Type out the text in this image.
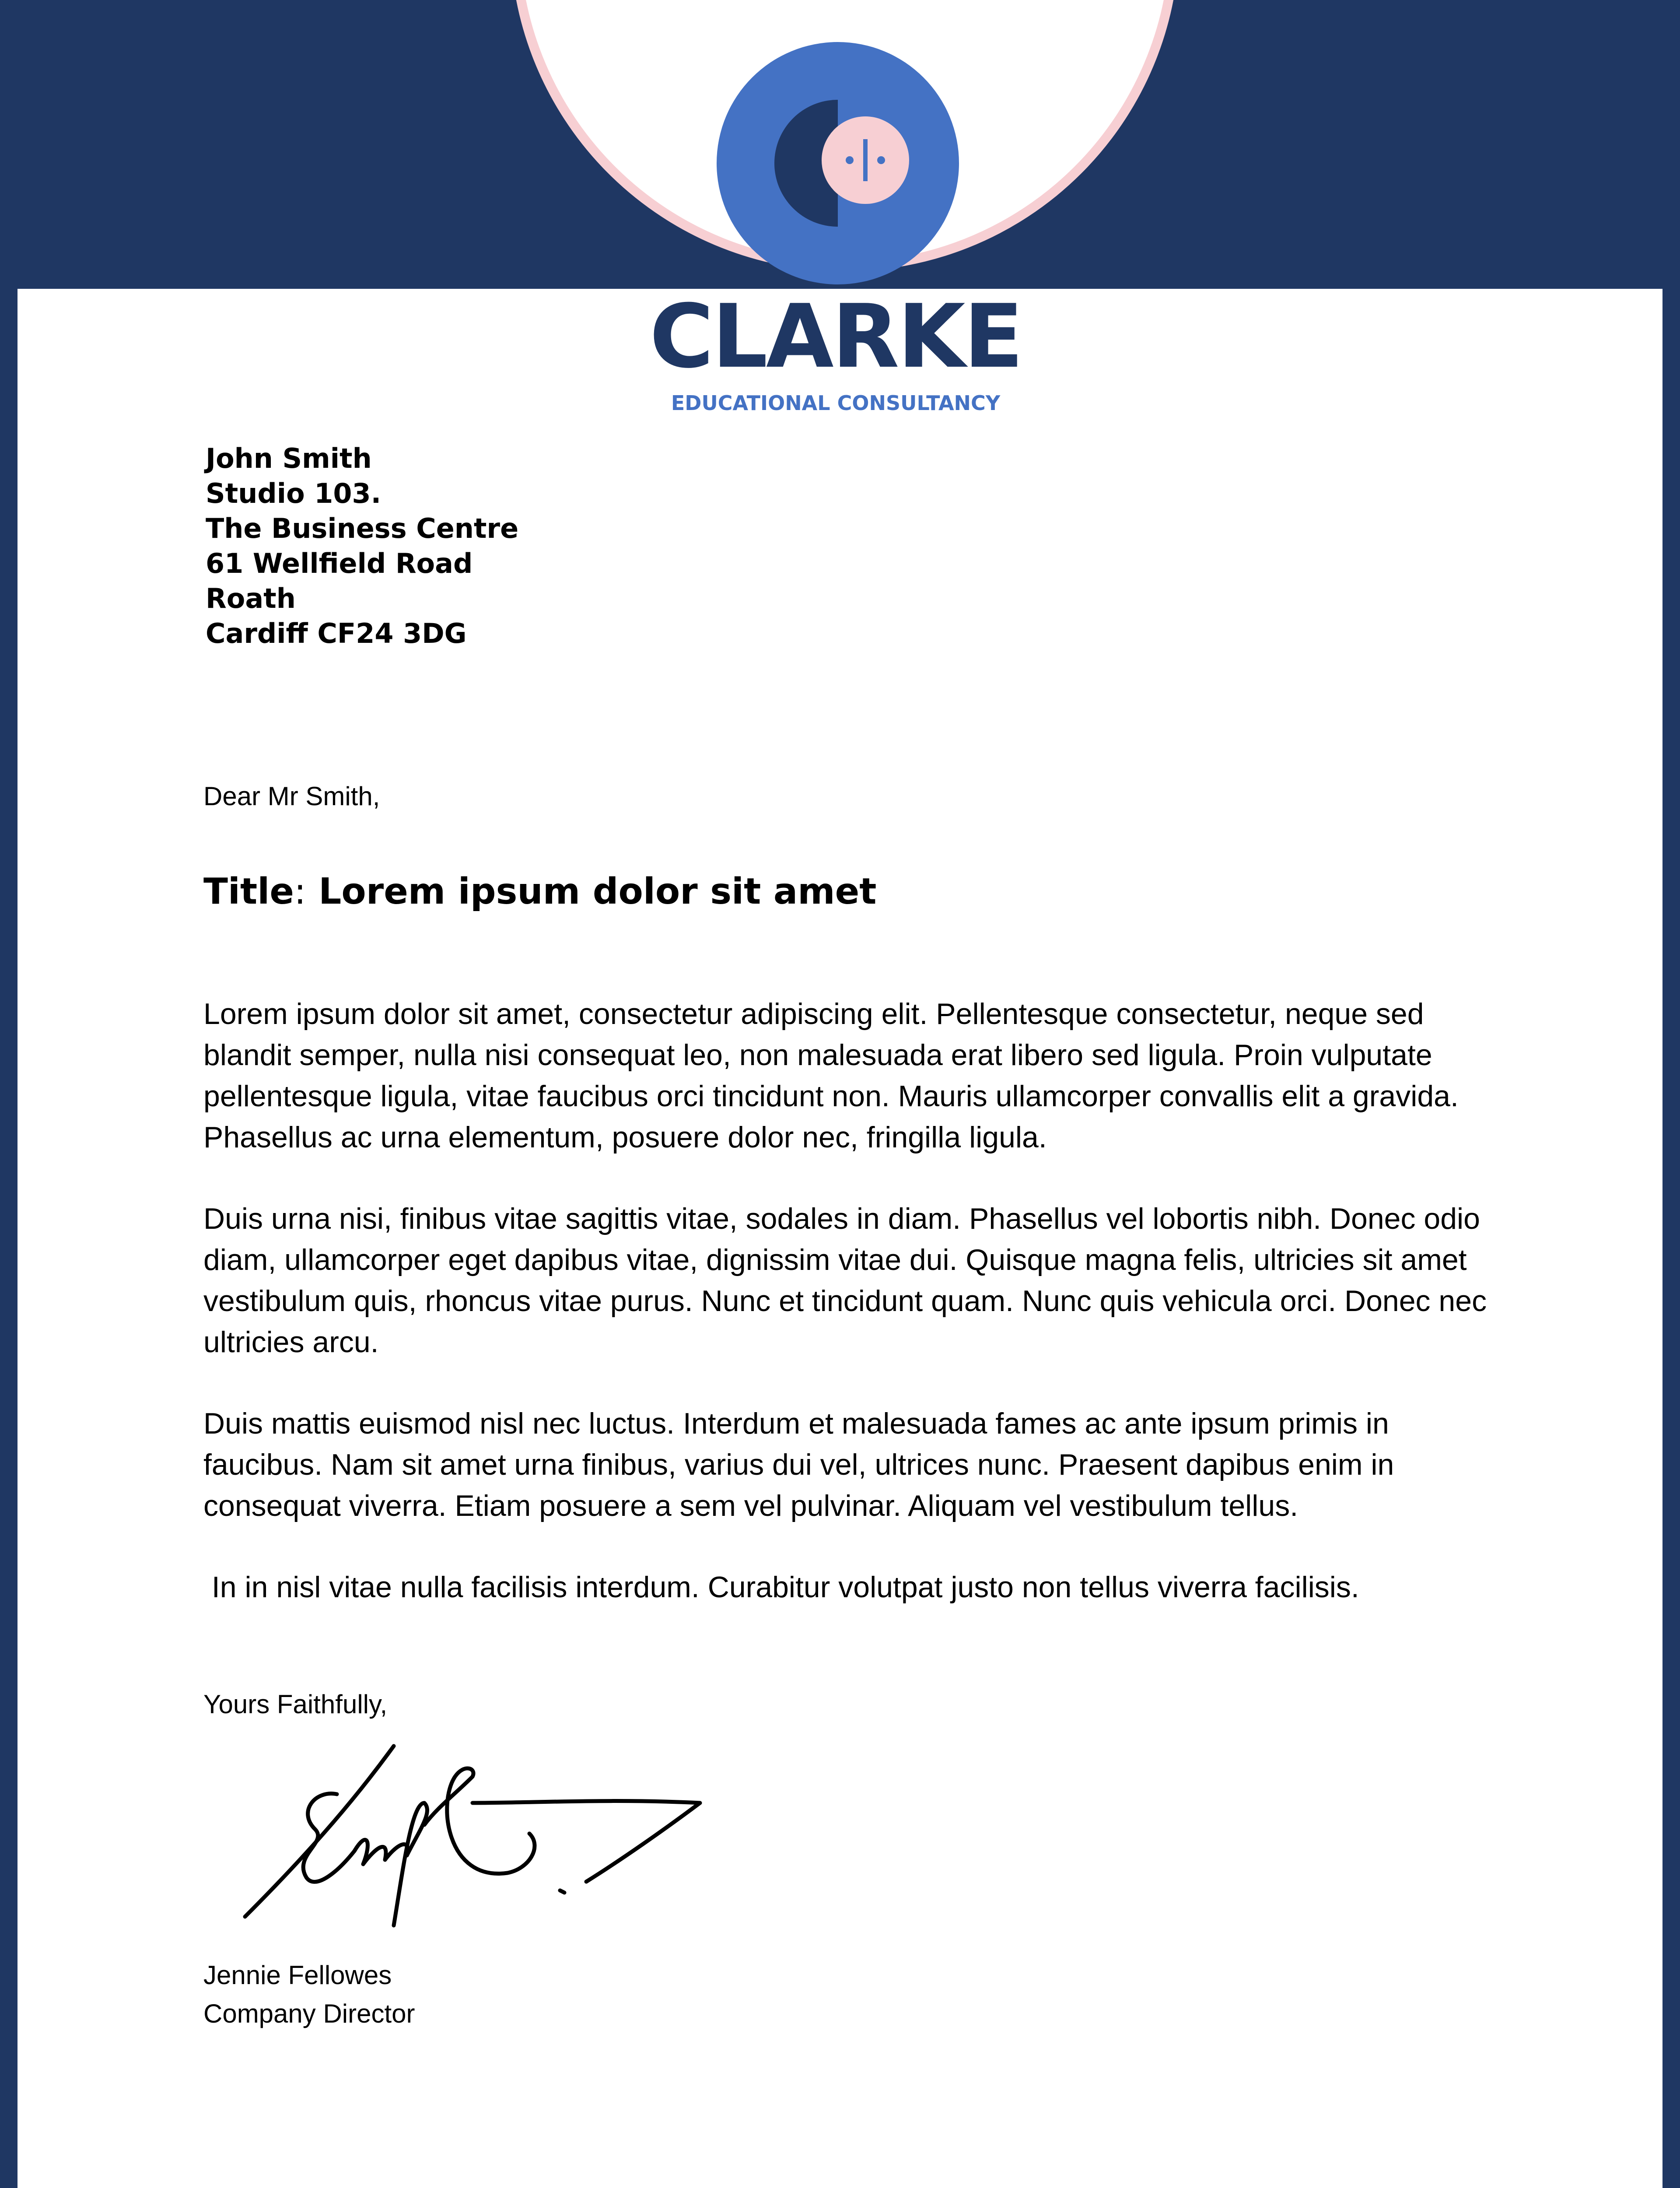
CLARKE
EDUCATIONAL CONSULTANCY
John Smith
Studio 103.
The Business Centre
61 Wellfield Road
Roath
Cardiff CF24 3DG
Dear Mr Smith,
Title: Lorem ipsum dolor sit amet

Lorem ipsum dolor sit amet, consectetur adipiscing elit. Pellentesque consectetur, neque sed blandit semper, nulla nisi consequat leo, non malesuada erat libero sed ligula. Proin vulputate pellentesque ligula, vitae faucibus orci tincidunt non. Mauris ullamcorper convallis elit a gravida. Phasellus ac urna elementum, posuere dolor nec, fringilla ligula.

Duis urna nisi, finibus vitae sagittis vitae, sodales in diam. Phasellus vel lobortis nibh. Donec odio diam, ullamcorper eget dapibus vitae, dignissim vitae dui. Quisque magna felis, ultricies sit amet vestibulum quis, rhoncus vitae purus. Nunc et tincidunt quam. Nunc quis vehicula orci. Donec nec ultricies arcu.

Duis mattis euismod nisl nec luctus. Interdum et malesuada fames ac ante ipsum primis in faucibus. Nam sit amet urna finibus, varius dui vel, ultrices nunc. Praesent dapibus enim in consequat viverra. Etiam posuere a sem vel pulvinar. Aliquam vel vestibulum tellus.

In in nisl vitae nulla facilisis interdum. Curabitur volutpat justo non tellus viverra facilisis.

Yours Faithfully,
Jennie Fellowes
Company Director
